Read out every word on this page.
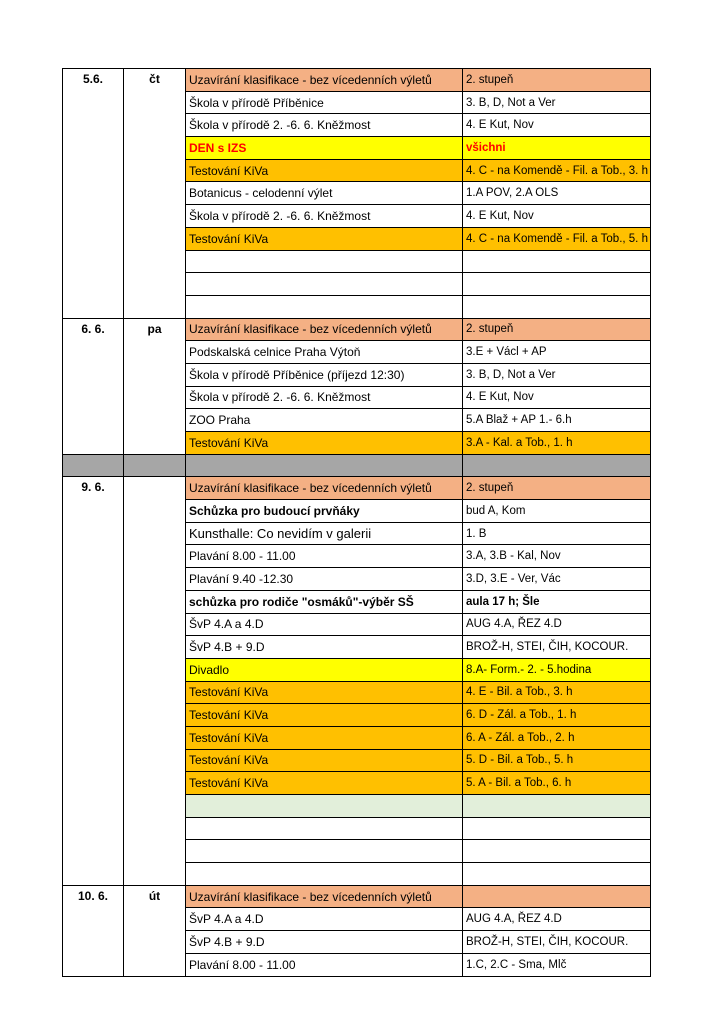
5.6.	čt	Uzavírání klasifikace - bez vícedenních výletů	2. stupeň
		Škola v přírodě Příběnice	3. B, D, Not a Ver
		Škola v přírodě 2. -6. 6. Kněžmost	4. E Kut, Nov
		DEN s IZS	všichni
		Testování KiVa	4. C - na Komendě - Fil. a Tob., 3. h
		Botanicus - celodenní výlet	1.A POV, 2.A OLS
		Škola v přírodě 2. -6. 6. Kněžmost	4. E Kut, Nov
		Testování KiVa	4. C - na Komendě - Fil. a Tob., 5. h

6. 6.	pa	Uzavírání klasifikace - bez vícedenních výletů	2. stupeň
		Podskalská celnice Praha Výtoň	3.E + Václ + AP
		Škola v přírodě Příběnice (příjezd 12:30)	3. B, D, Not a Ver
		Škola v přírodě 2. -6. 6. Kněžmost	4. E Kut, Nov
		ZOO Praha	5.A Blaž + AP 1.- 6.h
		Testování KiVa	3.A - Kal. a Tob., 1. h

9. 6.		Uzavírání klasifikace - bez vícedenních výletů	2. stupeň
		Schůzka pro budoucí prvňáky	bud A, Kom
		Kunsthalle: Co nevidím v galerii	1. B
		Plavání 8.00 - 11.00	3.A, 3.B - Kal, Nov
		Plavání 9.40 -12.30	3.D, 3.E - Ver, Vác
		schůzka pro rodiče "osmáků"-výběr SŠ	aula 17 h; Šle
		ŠvP 4.A a 4.D	AUG 4.A, ŘEZ 4.D
		ŠvP 4.B + 9.D	BROŽ-H, STEI, ČIH, KOCOUR.
		Divadlo	8.A- Form.- 2. - 5.hodina
		Testování KiVa	4. E - Bil. a Tob., 3. h
		Testování KiVa	6. D - Zál. a Tob., 1. h
		Testování KiVa	6. A - Zál. a Tob., 2. h
		Testování KiVa	5. D - Bil. a Tob., 5. h
		Testování KiVa	5. A - Bil. a Tob., 6. h

10. 6.	út	Uzavírání klasifikace - bez vícedenních výletů	
		ŠvP 4.A a 4.D	AUG 4.A, ŘEZ 4.D
		ŠvP 4.B + 9.D	BROŽ-H, STEI, ČIH, KOCOUR.
		Plavání 8.00 - 11.00	1.C, 2.C - Sma, Mlč
